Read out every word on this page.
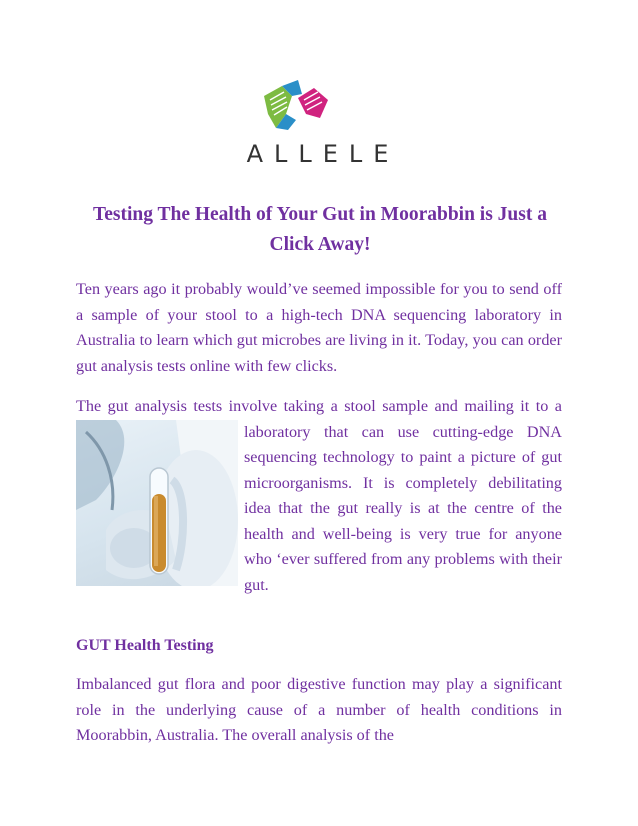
ALLELE
Testing The Health of Your Gut in Moorabbin is Just a Click Away!

Ten years ago it probably would’ve seemed impossible for you to send off a sample of your stool to a high-tech DNA sequencing laboratory in Australia to learn which gut microbes are living in it. Today, you can order gut analysis tests online with few clicks.

The gut analysis tests involve taking a stool sample and mailing it to a laboratory that can use cutting-edge DNA sequencing technology to paint a picture of gut microorganisms. It is completely debilitating idea that the gut really is at the centre of the health and well-being is very true for anyone who ‘ever suffered from any problems with their gut.
GUT Health Testing

Imbalanced gut flora and poor digestive function may play a significant role in the underlying cause of a number of health conditions in Moorabbin, Australia. The overall analysis of the
